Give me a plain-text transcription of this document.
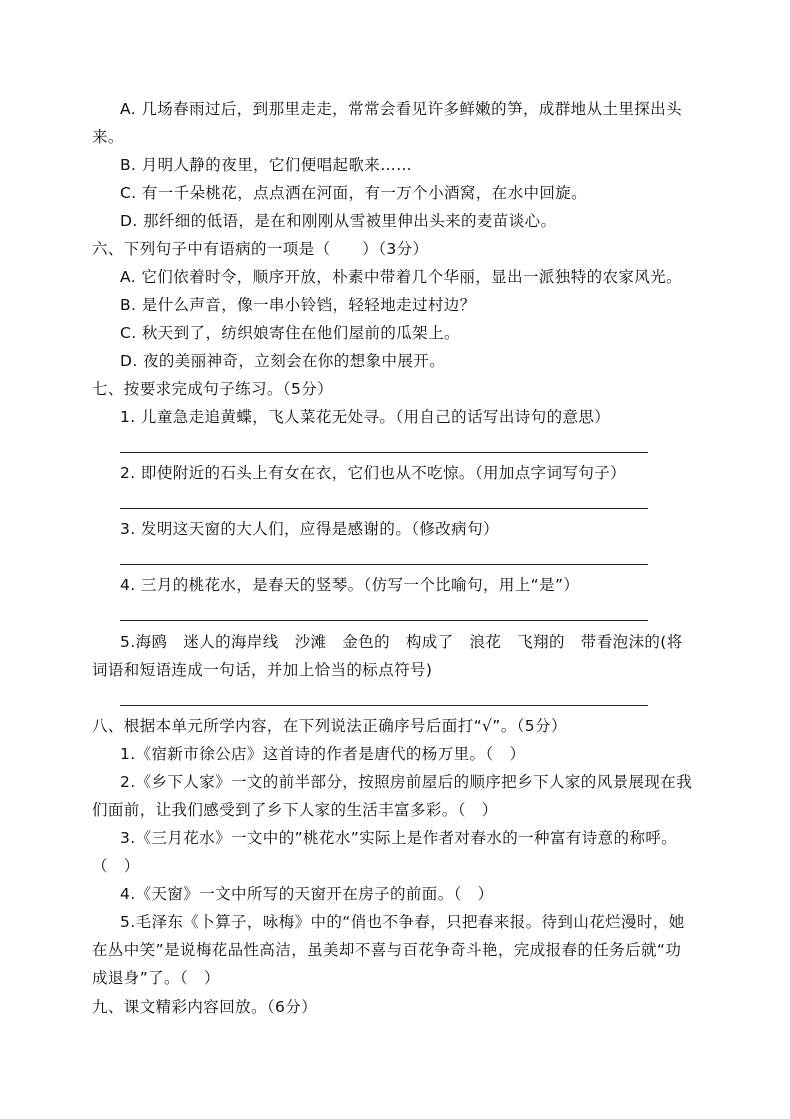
A. 几场春雨过后，到那里走走，常常会看见许多鲜嫩的笋，成群地从土里探出头
来。
B. 月明人静的夜里，它们便唱起歌来……
C. 有一千朵桃花，点点洒在河面，有一万个小酒窝，在水中回旋。
D. 那纤细的低语，是在和刚刚从雪被里伸出头来的麦苗谈心。
六、下列句子中有语病的一项是（　　）（3分）
A. 它们依着时令，顺序开放，朴素中带着几个华丽，显出一派独特的农家风光。
B. 是什么声音，像一串小铃铛，轻轻地走过村边？
C. 秋天到了，纺织娘寄住在他们屋前的瓜架上。
D. 夜的美丽神奇，立刻会在你的想象中展开。
七、按要求完成句子练习。（5分）
1. 儿童急走追黄蝶，飞人菜花无处寻。（用自己的话写出诗句的意思）
2. 即使附近的石头上有女在衣，它们也从不吃惊。（用加点字词写句子）
3. 发明这天窗的大人们，应得是感谢的。（修改病句）
4. 三月的桃花水，是春天的竖琴。（仿写一个比喻句，用上“是”）
5.海鸥　迷人的海岸线　沙滩　金色的　构成了　浪花　飞翔的　带看泡沫的(将
词语和短语连成一句话，并加上恰当的标点符号)
八、根据本单元所学内容，在下列说法正确序号后面打“√”。（5分）
1.《宿新市徐公店》这首诗的作者是唐代的杨万里。（　）
2.《乡下人家》一文的前半部分，按照房前屋后的顺序把乡下人家的风景展现在我
们面前，让我们感受到了乡下人家的生活丰富多彩。（　）
3.《三月花水》一文中的”桃花水”实际上是作者对春水的一种富有诗意的称呼。
（　）
4.《天窗》一文中所写的天窗开在房子的前面。（　）
5.毛泽东《卜算子，咏梅》中的“俏也不争春，只把春来报。待到山花烂漫时，她
在丛中笑”是说梅花品性高洁，虽美却不喜与百花争奇斗艳，完成报春的任务后就“功
成退身”了。（　）
九、课文精彩内容回放。（6分）
